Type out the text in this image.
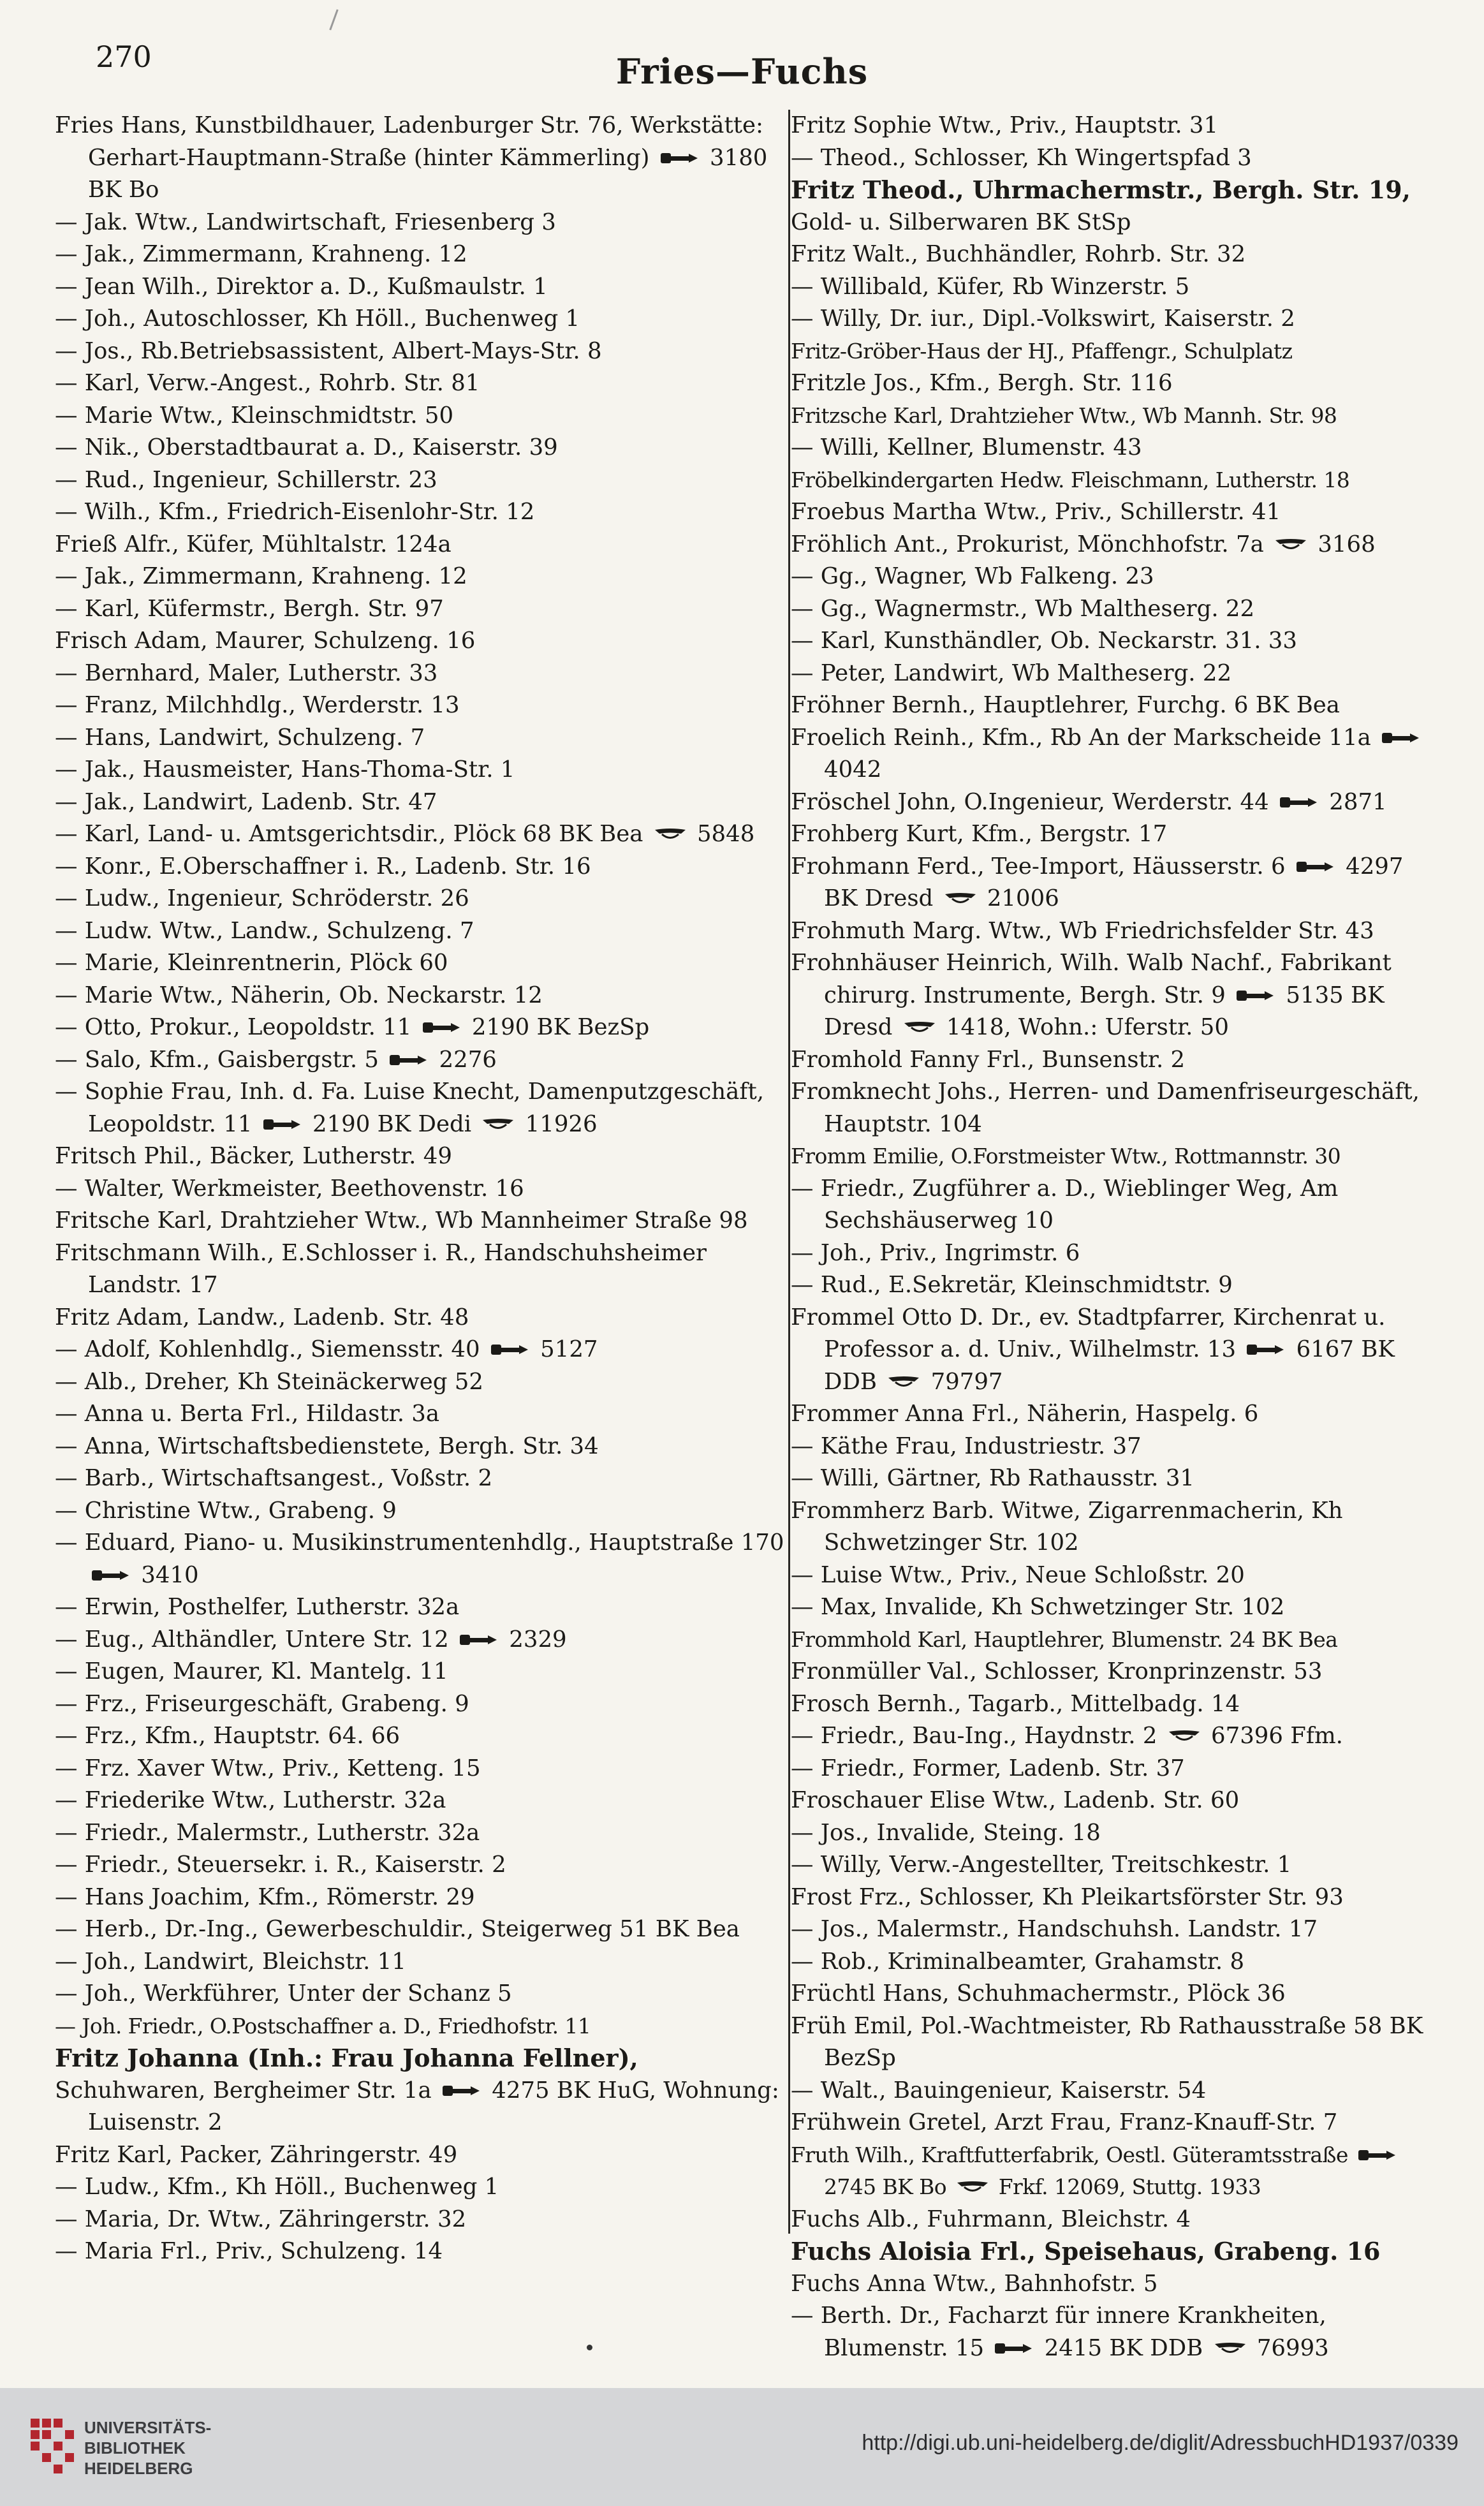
270	Fries—Fuchs
Fries Hans, Kunstbildhauer, Ladenburger Str. 76, Werkstätte: Gerhart-Hauptmann-Straße (hinter Kämmerling)  3180 BK Bo
— Jak. Wtw., Landwirtschaft, Friesenberg 3
— Jak., Zimmermann, Krahneng. 12
— Jean Wilh., Direktor a. D., Kußmaulstr. 1
— Joh., Autoschlosser, Kh Höll., Buchenweg 1
— Jos., Rb.Betriebsassistent, Albert-Mays-Str. 8
— Karl, Verw.-Angest., Rohrb. Str. 81
— Marie Wtw., Kleinschmidtstr. 50
— Nik., Oberstadtbaurat a. D., Kaiserstr. 39
— Rud., Ingenieur, Schillerstr. 23
— Wilh., Kfm., Friedrich-Eisenlohr-Str. 12
Frieß Alfr., Küfer, Mühltalstr. 124a
— Jak., Zimmermann, Krahneng. 12
— Karl, Küfermstr., Bergh. Str. 97
Frisch Adam, Maurer, Schulzeng. 16
— Bernhard, Maler, Lutherstr. 33
— Franz, Milchhdlg., Werderstr. 13
— Hans, Landwirt, Schulzeng. 7
— Jak., Hausmeister, Hans-Thoma-Str. 1
— Jak., Landwirt, Ladenb. Str. 47
— Karl, Land- u. Amtsgerichtsdir., Plöck 68 BK Bea  5848
— Konr., E.Oberschaffner i. R., Ladenb. Str. 16
— Ludw., Ingenieur, Schröderstr. 26
— Ludw. Wtw., Landw., Schulzeng. 7
— Marie, Kleinrentnerin, Plöck 60
— Marie Wtw., Näherin, Ob. Neckarstr. 12
— Otto, Prokur., Leopoldstr. 11  2190 BK BezSp
— Salo, Kfm., Gaisbergstr. 5  2276
— Sophie Frau, Inh. d. Fa. Luise Knecht, Damenputzgeschäft, Leopoldstr. 11  2190 BK Dedi  11926
Fritsch Phil., Bäcker, Lutherstr. 49
— Walter, Werkmeister, Beethovenstr. 16
Fritsche Karl, Drahtzieher Wtw., Wb Mannheimer Straße 98
Fritschmann Wilh., E.Schlosser i. R., Handschuhsheimer Landstr. 17
Fritz Adam, Landw., Ladenb. Str. 48
— Adolf, Kohlenhdlg., Siemensstr. 40  5127
— Alb., Dreher, Kh Steinäckerweg 52
— Anna u. Berta Frl., Hildastr. 3a
— Anna, Wirtschaftsbedienstete, Bergh. Str. 34
— Barb., Wirtschaftsangest., Voßstr. 2
— Christine Wtw., Grabeng. 9
— Eduard, Piano- u. Musikinstrumentenhdlg., Hauptstraße 170  3410
— Erwin, Posthelfer, Lutherstr. 32a
— Eug., Althändler, Untere Str. 12  2329
— Eugen, Maurer, Kl. Mantelg. 11
— Frz., Friseurgeschäft, Grabeng. 9
— Frz., Kfm., Hauptstr. 64. 66
— Frz. Xaver Wtw., Priv., Ketteng. 15
— Friederike Wtw., Lutherstr. 32a
— Friedr., Malermstr., Lutherstr. 32a
— Friedr., Steuersekr. i. R., Kaiserstr. 2
— Hans Joachim, Kfm., Römerstr. 29
— Herb., Dr.-Ing., Gewerbeschuldir., Steigerweg 51 BK Bea
— Joh., Landwirt, Bleichstr. 11
— Joh., Werkführer, Unter der Schanz 5
— Joh. Friedr., O.Postschaffner a. D., Friedhofstr. 11
Fritz Johanna (Inh.: Frau Johanna Fellner),
Schuhwaren, Bergheimer Str. 1a  4275 BK HuG, Wohnung: Luisenstr. 2
Fritz Karl, Packer, Zähringerstr. 49
— Ludw., Kfm., Kh Höll., Buchenweg 1
— Maria, Dr. Wtw., Zähringerstr. 32
— Maria Frl., Priv., Schulzeng. 14
Fritz Sophie Wtw., Priv., Hauptstr. 31
— Theod., Schlosser, Kh Wingertspfad 3
Fritz Theod., Uhrmachermstr., Bergh. Str. 19,
Gold- u. Silberwaren BK StSp
Fritz Walt., Buchhändler, Rohrb. Str. 32
— Willibald, Küfer, Rb Winzerstr. 5
— Willy, Dr. iur., Dipl.-Volkswirt, Kaiserstr. 2
Fritz-Gröber-Haus der HJ., Pfaffengr., Schulplatz
Fritzle Jos., Kfm., Bergh. Str. 116
Fritzsche Karl, Drahtzieher Wtw., Wb Mannh. Str. 98
— Willi, Kellner, Blumenstr. 43
Fröbelkindergarten Hedw. Fleischmann, Lutherstr. 18
Froebus Martha Wtw., Priv., Schillerstr. 41
Fröhlich Ant., Prokurist, Mönchhofstr. 7a  3168
— Gg., Wagner, Wb Falkeng. 23
— Gg., Wagnermstr., Wb Maltheserg. 22
— Karl, Kunsthändler, Ob. Neckarstr. 31. 33
— Peter, Landwirt, Wb Maltheserg. 22
Fröhner Bernh., Hauptlehrer, Furchg. 6 BK Bea
Froelich Reinh., Kfm., Rb An der Markscheide 11a  4042
Fröschel John, O.Ingenieur, Werderstr. 44  2871
Frohberg Kurt, Kfm., Bergstr. 17
Frohmann Ferd., Tee-Import, Häusserstr. 6  4297 BK Dresd  21006
Frohmuth Marg. Wtw., Wb Friedrichsfelder Str. 43
Frohnhäuser Heinrich, Wilh. Walb Nachf., Fabrikant chirurg. Instrumente, Bergh. Str. 9  5135 BK Dresd  1418, Wohn.: Uferstr. 50
Fromhold Fanny Frl., Bunsenstr. 2
Fromknecht Johs., Herren- und Damenfriseurgeschäft, Hauptstr. 104
Fromm Emilie, O.Forstmeister Wtw., Rottmannstr. 30
— Friedr., Zugführer a. D., Wieblinger Weg, Am Sechshäuserweg 10
— Joh., Priv., Ingrimstr. 6
— Rud., E.Sekretär, Kleinschmidtstr. 9
Frommel Otto D. Dr., ev. Stadtpfarrer, Kirchenrat u. Professor a. d. Univ., Wilhelmstr. 13  6167 BK DDB  79797
Frommer Anna Frl., Näherin, Haspelg. 6
— Käthe Frau, Industriestr. 37
— Willi, Gärtner, Rb Rathausstr. 31
Frommherz Barb. Witwe, Zigarrenmacherin, Kh Schwetzinger Str. 102
— Luise Wtw., Priv., Neue Schloßstr. 20
— Max, Invalide, Kh Schwetzinger Str. 102
Frommhold Karl, Hauptlehrer, Blumenstr. 24 BK Bea
Fronmüller Val., Schlosser, Kronprinzenstr. 53
Frosch Bernh., Tagarb., Mittelbadg. 14
— Friedr., Bau-Ing., Haydnstr. 2  67396 Ffm.
— Friedr., Former, Ladenb. Str. 37
Froschauer Elise Wtw., Ladenb. Str. 60
— Jos., Invalide, Steing. 18
— Willy, Verw.-Angestellter, Treitschkestr. 1
Frost Frz., Schlosser, Kh Pleikartsförster Str. 93
— Jos., Malermstr., Handschuhsh. Landstr. 17
— Rob., Kriminalbeamter, Grahamstr. 8
Früchtl Hans, Schuhmachermstr., Plöck 36
Früh Emil, Pol.-Wachtmeister, Rb Rathausstraße 58 BK BezSp
— Walt., Bauingenieur, Kaiserstr. 54
Frühwein Gretel, Arzt Frau, Franz-Knauff-Str. 7
Fruth Wilh., Kraftfutterfabrik, Oestl. Güteramtsstraße  2745 BK Bo  Frkf. 12069, Stuttg. 1933
Fuchs Alb., Fuhrmann, Bleichstr. 4
Fuchs Aloisia Frl., Speisehaus, Grabeng. 16
Fuchs Anna Wtw., Bahnhofstr. 5
— Berth. Dr., Facharzt für innere Krankheiten, Blumenstr. 15  2415 BK DDB  76993
UNIVERSITÄTS-
BIBLIOTHEK
HEIDELBERG
http://digi.ub.uni-heidelberg.de/diglit/AdressbuchHD1937/0339
